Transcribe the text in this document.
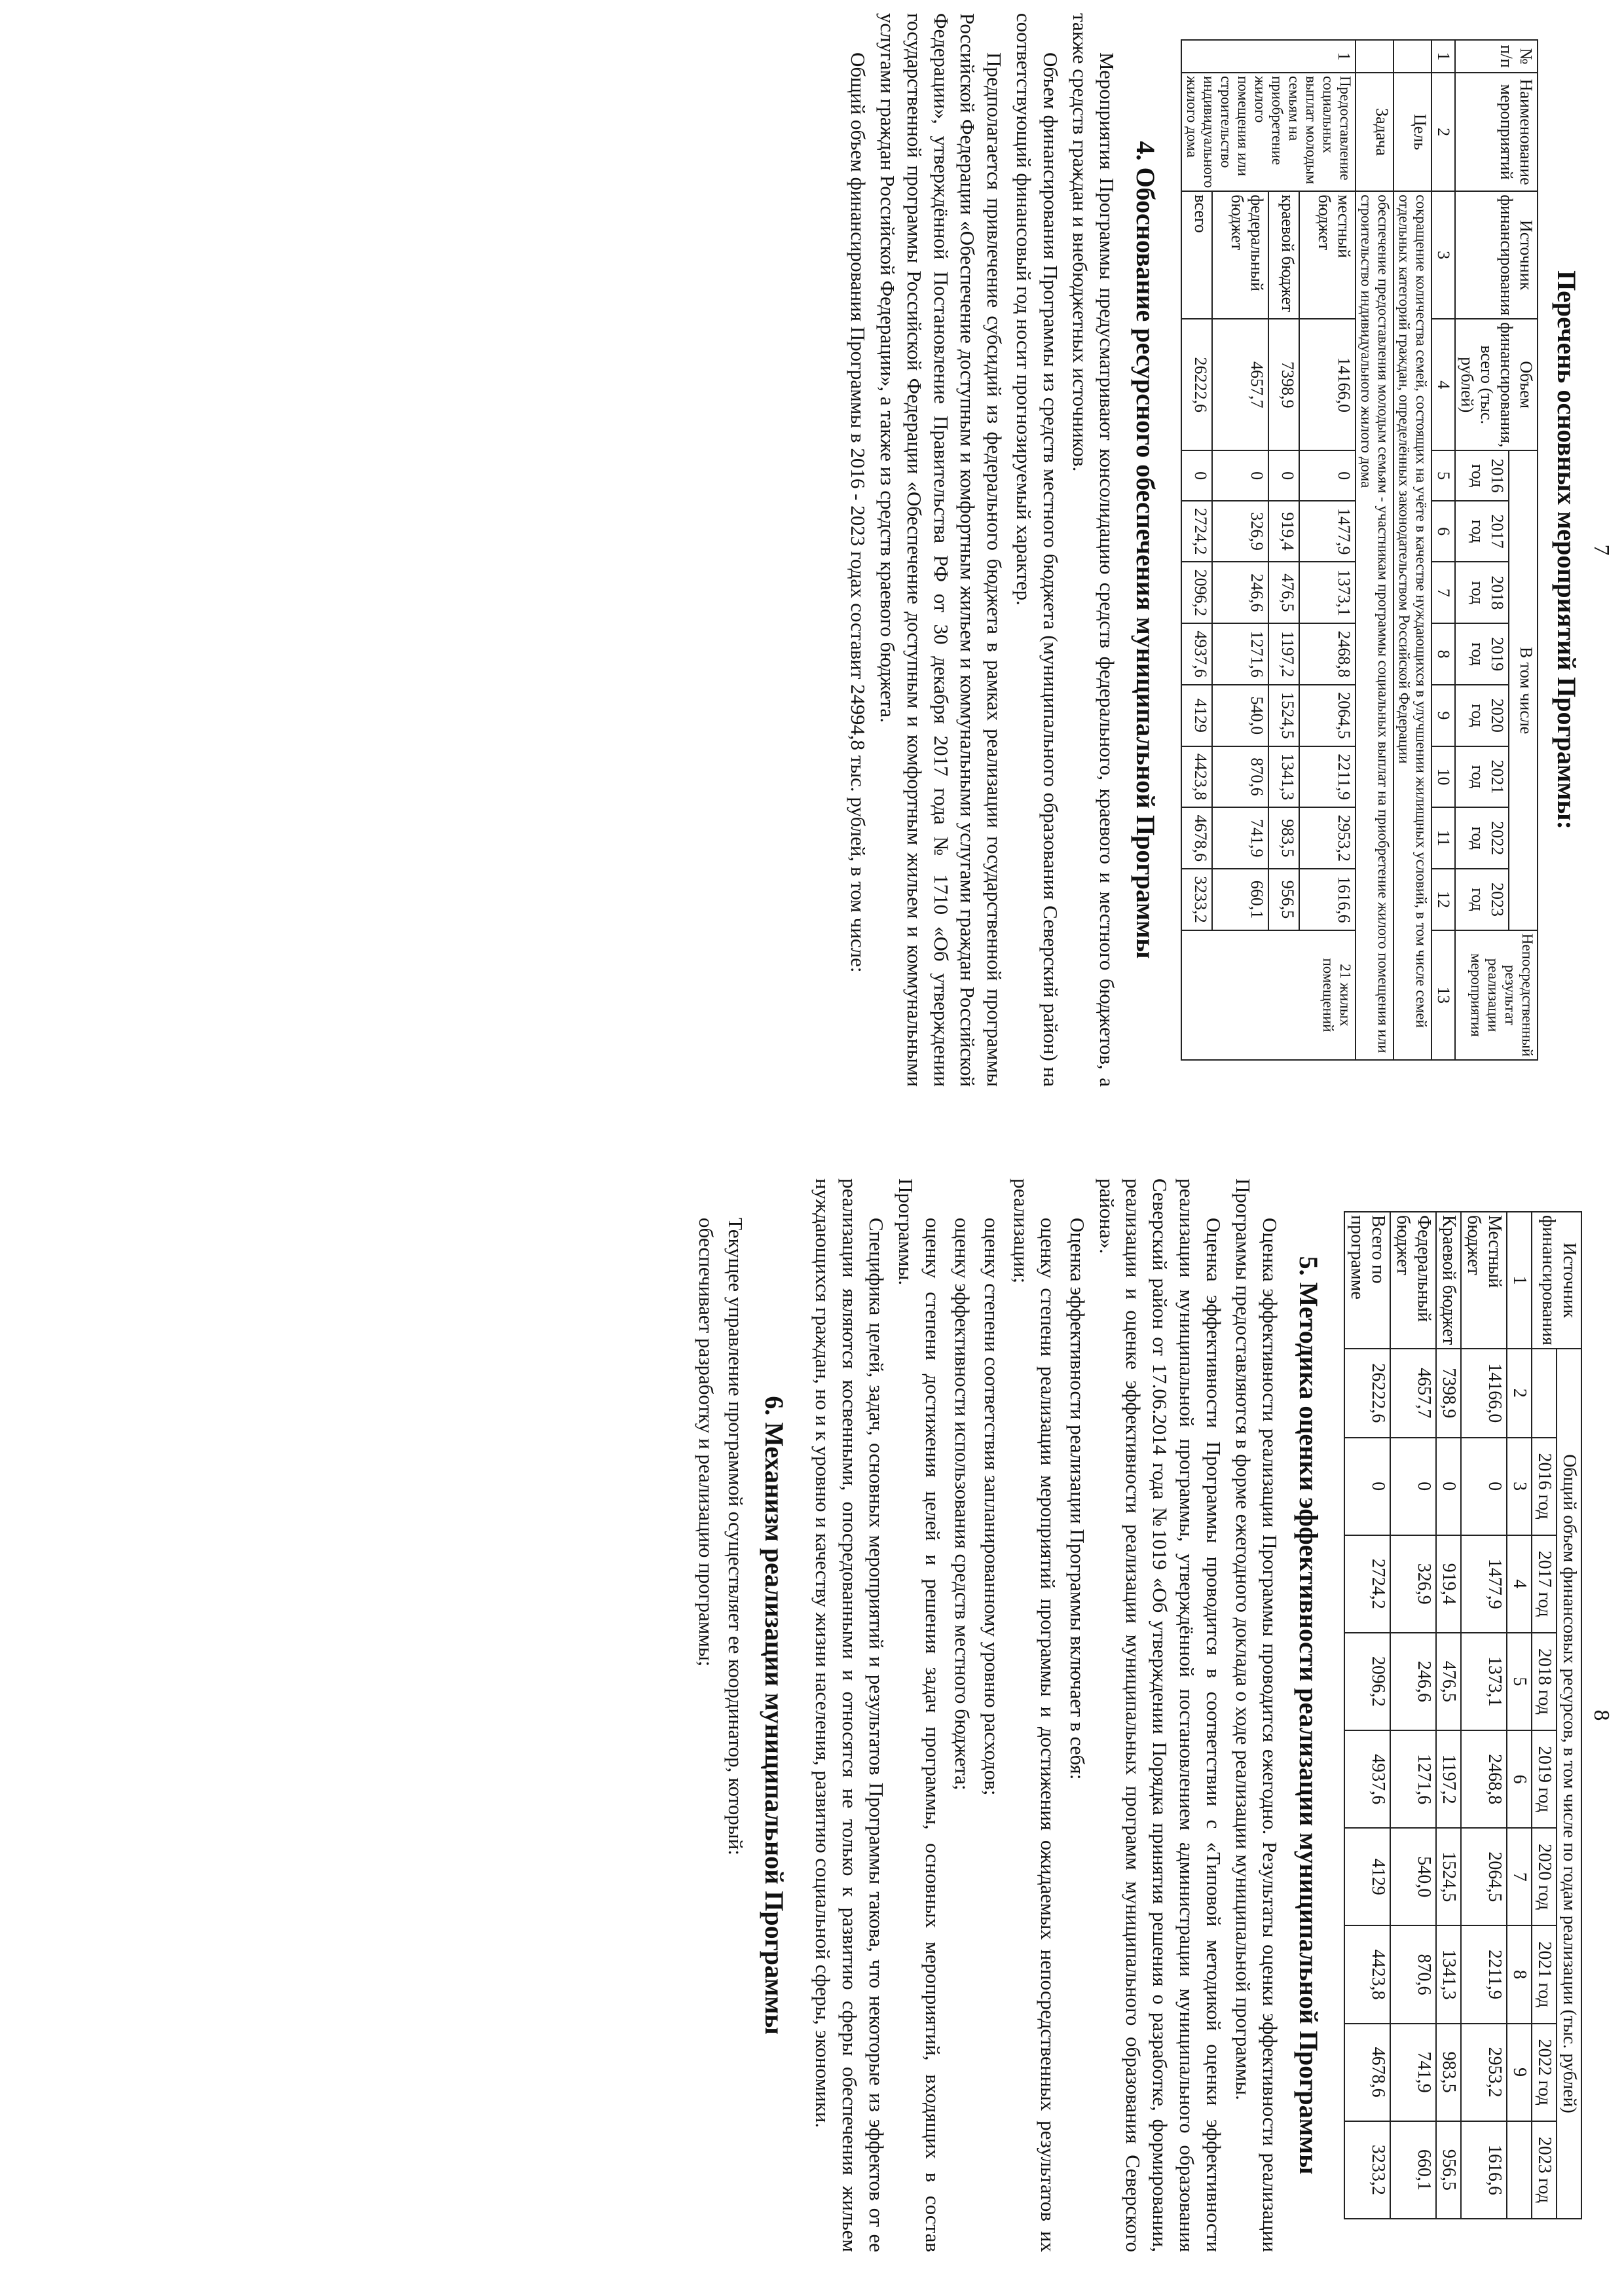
7
Перечень основных мероприятий Программы:
№ п/п	Наименование мероприятий	Источник финансирования	Объем финансирования, всего (тыс. рублей)	В том числе								Непосредственный результат реализации мероприятия
				2016 год	2017 год	2018 год	2019 год	2020 год	2021 год	2022 год	2023 год	
1	2	3	4	5	6	7	8	9	10	11	12	13
	Цель	сокращение количества семей, состоящих на учёте в качестве нуждающихся в улучшении жилищных условий, в том числе семей отдельных категорий граждан, определённых законодательством Российской Федерации										
	Задача	обеспечение предоставления молодым семьям - участникам программы социальных выплат на приобретение жилого помещения или строительство индивидуального жилого дома										
1	Предоставление социальных выплат молодым семьям на приобретение жилого помещения или строительство индивидуального жилого дома	местный бюджет	14166,0	0	1477,9	1373,1	2468,8	2064,5	2211,9	2953,2	1616,6	21 жилых помещений
		краевой бюджет	7398,9	0	919,4	476,5	1197,2	1524,5	1341,3	983,5	956,5	
		федеральный бюджет	4657,7	0	326,9	246,6	1271,6	540,0	870,6	741,9	660,1	
		всего	26222,6	0	2724,2	2096,2	4937,6	4129	4423,8	4678,6	3233,2	
4. Обоснование ресурсного обеспечения муниципальной Программы

Мероприятия Программы предусматривают консолидацию средств федерального, краевого и местного бюджетов, а также средств граждан и внебюджетных источников.

Объем финансирования Программы из средств местного бюджета (муниципального образования Северский район) на соответствующий финансовый год носит прогнозируемый характер.

Предполагается привлечение субсидий из федерального бюджета в рамках реализации государственной программы Российской Федерации «Обеспечение доступным и комфортным жильем и коммунальными услугами граждан Российской Федерации», утверждённой Постановление Правительства РФ от 30 декабря 2017 года № 1710 «Об утверждении государственной программы Российской Федерации «Обеспечение доступным и комфортным жильем и коммунальными услугами граждан Российской Федерации», а также из средств краевого бюджета.

Общий объем финансирования Программы в 2016 - 2023 годах составит 24994,8 тыс. рублей, в том числе:

8
Источник финансирования	Общий объем финансовых ресурсов, в том числе по годам реализации (тыс. рублей)								
		2016 год	2017 год	2018 год	2019 год	2020 год	2021 год	2022 год	2023 год
1	2	3	4	5	6	7	8	9	
Местный бюджет	14166,0	0	1477,9	1373,1	2468,8	2064,5	2211,9	2953,2	1616,6
Краевой бюджет	7398,9	0	919,4	476,5	1197,2	1524,5	1341,3	983,5	956,5
Федеральный бюджет	4657,7	0	326,9	246,6	1271,6	540,0	870,6	741,9	660,1
Всего по программе	26222,6	0	2724,2	2096,2	4937,6	4129	4423,8	4678,6	3233,2
5. Методика оценки эффективности реализации муниципальной Программы

Оценка эффективности реализации Программы проводится ежегодно. Результаты оценки эффективности реализации Программы предоставляются в форме ежегодного доклада о ходе реализации муниципальной программы.

Оценка эффективности Программы проводится в соответствии с «Типовой методикой оценки эффективности реализации муниципальной программы, утверждённой постановлением администрации муниципального образования Северский район от 17.06.2014 года №1019 «Об утверждении Порядка принятия решения о разработке, формировании, реализации и оценке эффективности реализации муниципальных программ муниципального образования Северского района».

Оценка эффективности реализации Программы включает в себя:

оценку степени реализации мероприятий программы и достижения ожидаемых непосредственных результатов их реализации;

оценку степени соответствия запланированному уровню расходов;

оценку эффективности использования средств местного бюджета;

оценку степени достижения целей и решения задач программы, основных мероприятий, входящих в состав Программы.

Специфика целей, задач, основных мероприятий и результатов Программы такова, что некоторые из эффектов от ее реализации являются косвенными, опосредованными и относятся не только к развитию сферы обеспечения жильем нуждающихся граждан, но и к уровню и качеству жизни населения, развитию социальной сферы, экономики.

6. Механизм реализации муниципальной Программы

Текущее управление программой осуществляет ее координатор, который:

обеспечивает разработку и реализацию программы;
